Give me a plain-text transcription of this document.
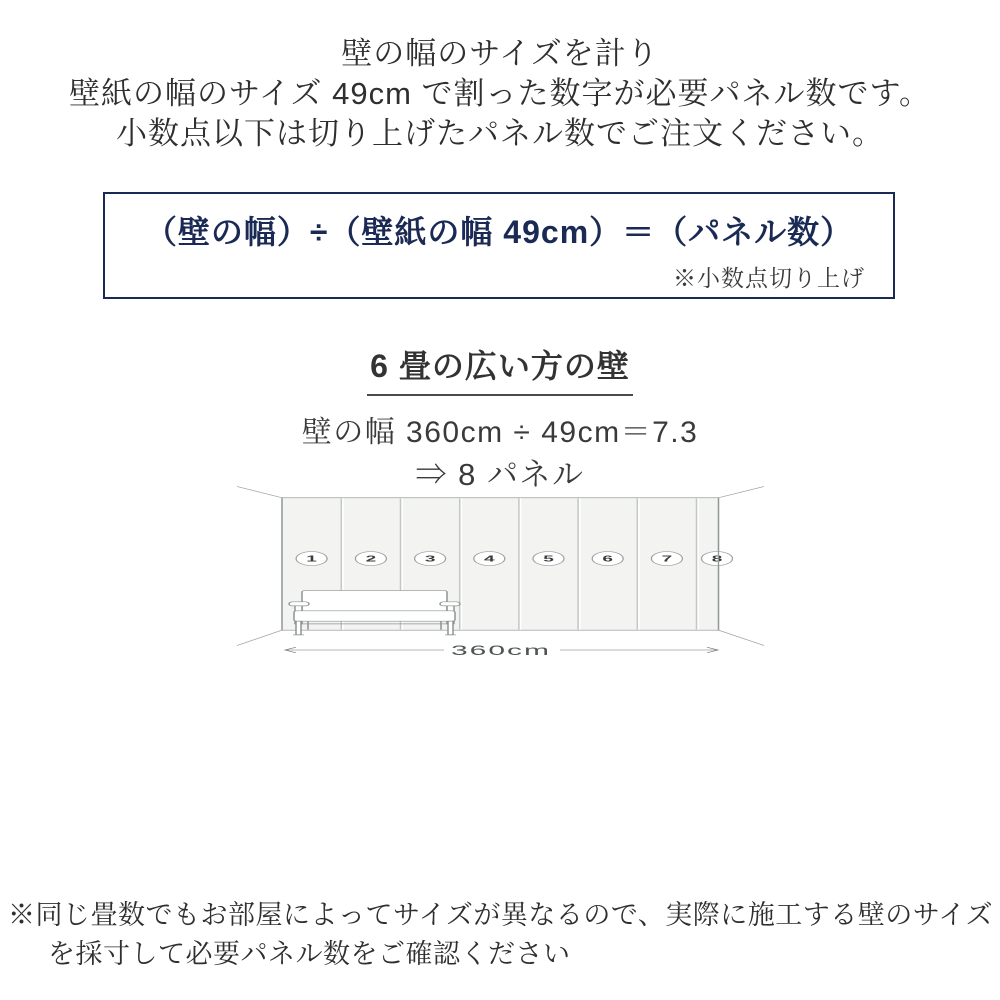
壁の幅のサイズを計り
壁紙の幅のサイズ 49cm で割った数字が必要パネル数です。
小数点以下は切り上げたパネル数でご注文ください。
（壁の幅）÷（壁紙の幅 49cm）＝（パネル数）
※小数点切り上げ
6 畳の広い方の壁
壁の幅 360cm ÷ 49cm＝7.3
⇒ 8 パネル
1	2	3	4	5	6	7 8
360cm
※同じ畳数でもお部屋によってサイズが異なるので、実際に施工する壁のサイズ
を採寸して必要パネル数をご確認ください
